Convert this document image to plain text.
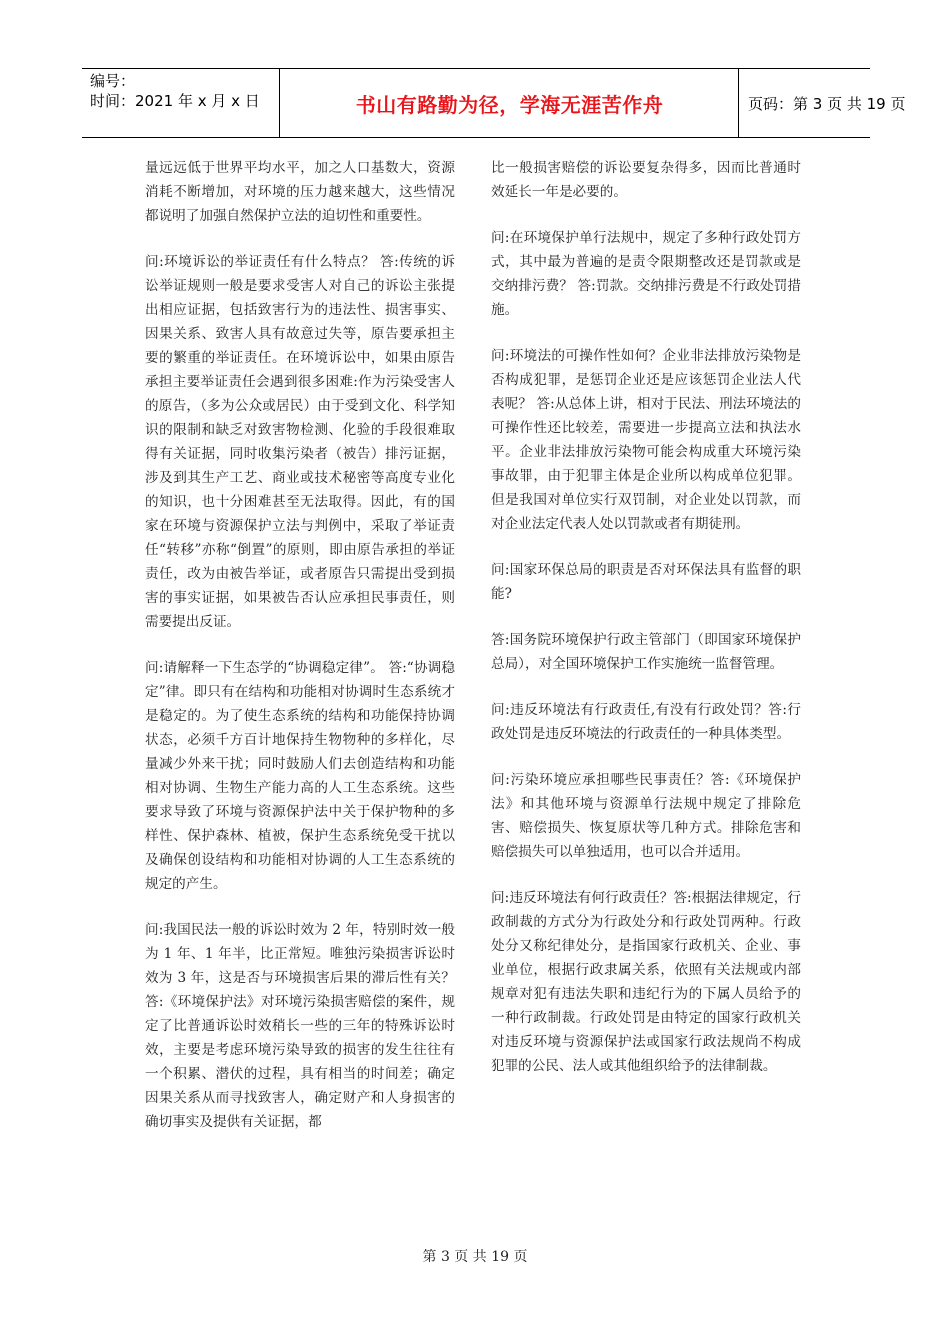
编号：
时间：2021 年 x 月 x 日	书山有路勤为径，学海无涯苦作舟	页码：第 3 页 共 19 页

量远远低于世界平均水平，加之人口基数大，资源消耗不断增加，对环境的压力越来越大，这些情况都说明了加强自然保护立法的迫切性和重要性。

问:环境诉讼的举证责任有什么特点？ 答:传统的诉讼举证规则一般是要求受害人对自己的诉讼主张提出相应证据，包括致害行为的违法性、损害事实、因果关系、致害人具有故意过失等，原告要承担主要的繁重的举证责任。在环境诉讼中，如果由原告承担主要举证责任会遇到很多困难:作为污染受害人的原告，（多为公众或居民）由于受到文化、科学知识的限制和缺乏对致害物检测、化验的手段很难取得有关证据，同时收集污染者（被告）排污证据，涉及到其生产工艺、商业或技术秘密等高度专业化的知识，也十分困难甚至无法取得。因此，有的国家在环境与资源保护立法与判例中，采取了举证责任“转移”亦称“倒置”的原则，即由原告承担的举证责任，改为由被告举证，或者原告只需提出受到损害的事实证据，如果被告否认应承担民事责任，则需要提出反证。

问:请解释一下生态学的“协调稳定律”。 答:“协调稳定”律。即只有在结构和功能相对协调时生态系统才是稳定的。为了使生态系统的结构和功能保持协调状态，必须千方百计地保持生物物种的多样化，尽量减少外来干扰；同时鼓励人们去创造结构和功能相对协调、生物生产能力高的人工生态系统。这些要求导致了环境与资源保护法中关于保护物种的多样性、保护森林、植被，保护生态系统免受干扰以及确保创设结构和功能相对协调的人工生态系统的规定的产生。

问:我国民法一般的诉讼时效为 2 年，特别时效一般为 1 年、1 年半，比正常短。唯独污染损害诉讼时效为 3 年，这是否与环境损害后果的滞后性有关？ 答:《环境保护法》对环境污染损害赔偿的案件，规定了比普通诉讼时效稍长一些的三年的特殊诉讼时效，主要是考虑环境污染导致的损害的发生往往有一个积累、潜伏的过程，具有相当的时间差；确定因果关系从而寻找致害人，确定财产和人身损害的确切事实及提供有关证据，都

比一般损害赔偿的诉讼要复杂得多，因而比普通时效延长一年是必要的。

问:在环境保护单行法规中，规定了多种行政处罚方式，其中最为普遍的是责令限期整改还是罚款或是交纳排污费？ 答:罚款。交纳排污费是不行政处罚措施。

问:环境法的可操作性如何？企业非法排放污染物是否构成犯罪，是惩罚企业还是应该惩罚企业法人代表呢？ 答:从总体上讲，相对于民法、刑法环境法的可操作性还比较差，需要进一步提高立法和执法水平。企业非法排放污染物可能会构成重大环境污染事故罪，由于犯罪主体是企业所以构成单位犯罪。但是我国对单位实行双罚制，对企业处以罚款，而对企业法定代表人处以罚款或者有期徒刑。

问:国家环保总局的职责是否对环保法具有监督的职能?

答:国务院环境保护行政主管部门（即国家环境保护总局），对全国环境保护工作实施统一监督管理。

问:违反环境法有行政责任,有没有行政处罚？答:行政处罚是违反环境法的行政责任的一种具体类型。

问:污染环境应承担哪些民事责任？答:《环境保护法》和其他环境与资源单行法规中规定了排除危害、赔偿损失、恢复原状等几种方式。排除危害和赔偿损失可以单独适用，也可以合并适用。

问:违反环境法有何行政责任？答:根据法律规定，行政制裁的方式分为行政处分和行政处罚两种。行政处分又称纪律处分，是指国家行政机关、企业、事业单位，根据行政隶属关系，依照有关法规或内部规章对犯有违法失职和违纪行为的下属人员给予的一种行政制裁。行政处罚是由特定的国家行政机关对违反环境与资源保护法或国家行政法规尚不构成犯罪的公民、法人或其他组织给予的法律制裁。

第 3 页 共 19 页
